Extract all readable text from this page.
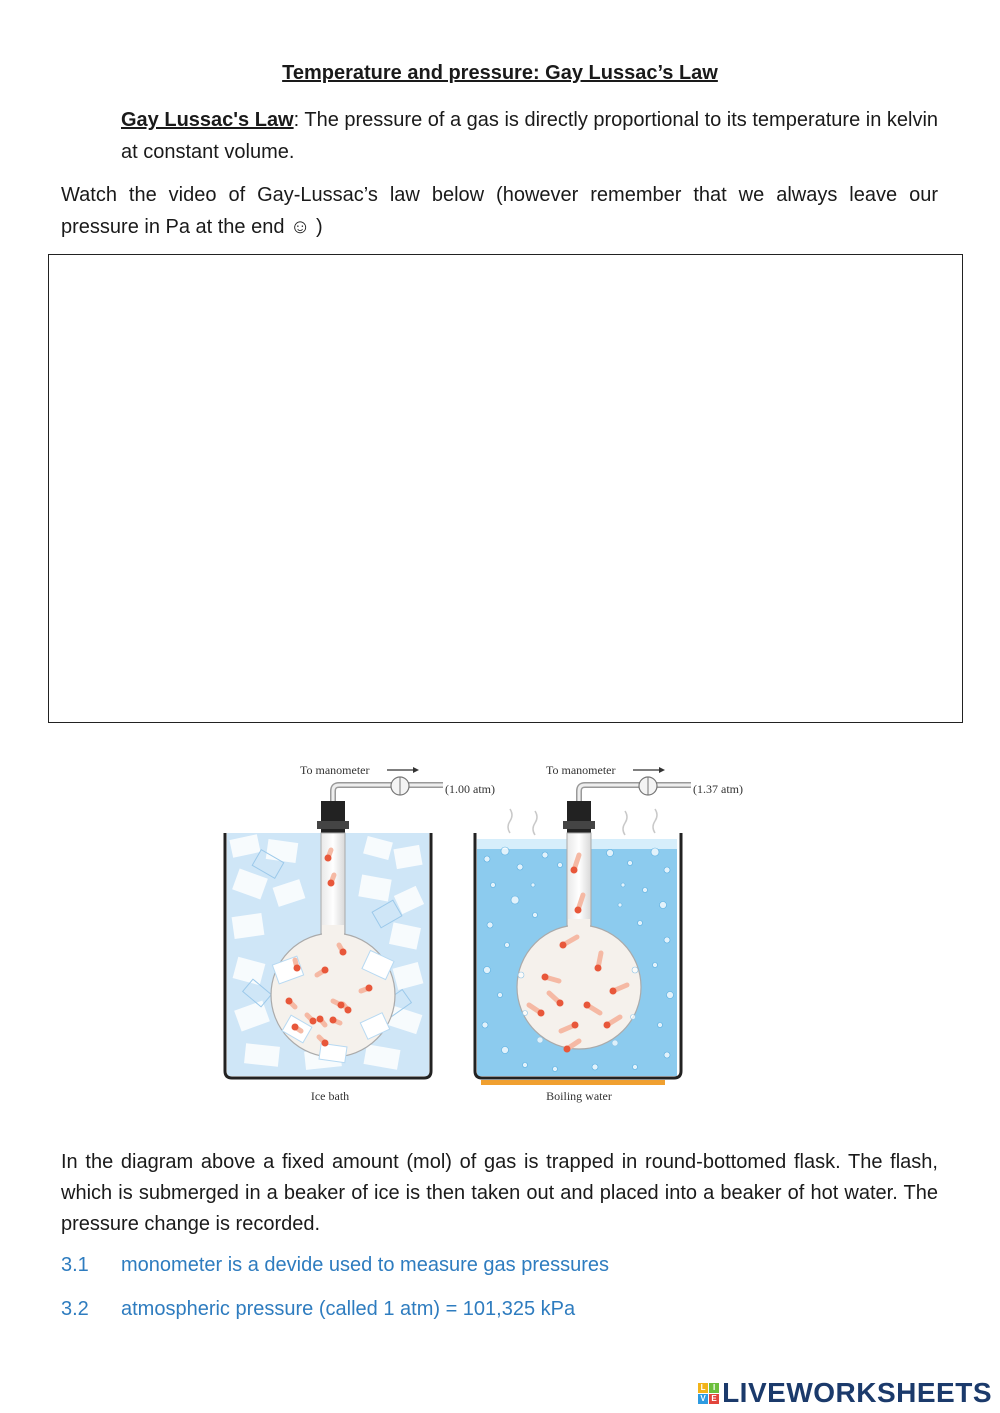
Temperature and pressure: Gay Lussac’s Law
Gay Lussac's Law: The pressure of a gas is directly proportional to its temperature in kelvin at constant volume.
Watch the video of Gay-Lussac’s law below (however remember that we always leave our pressure in Pa at the end ☺ )
To manometer
(1.00 atm)
Ice bath
To manometer
(1.37 atm)
Boiling water
In the diagram above a fixed amount (mol) of gas is trapped in round-bottomed flask. The flash, which is submerged in a beaker of ice is then taken out and placed into a beaker of hot water. The pressure change is recorded.
3.1 monometer is a devide used to measure gas pressures
3.2 atmospheric pressure (called 1 atm) = 101,325 kPa
L I
V E LIVEWORKSHEETS
